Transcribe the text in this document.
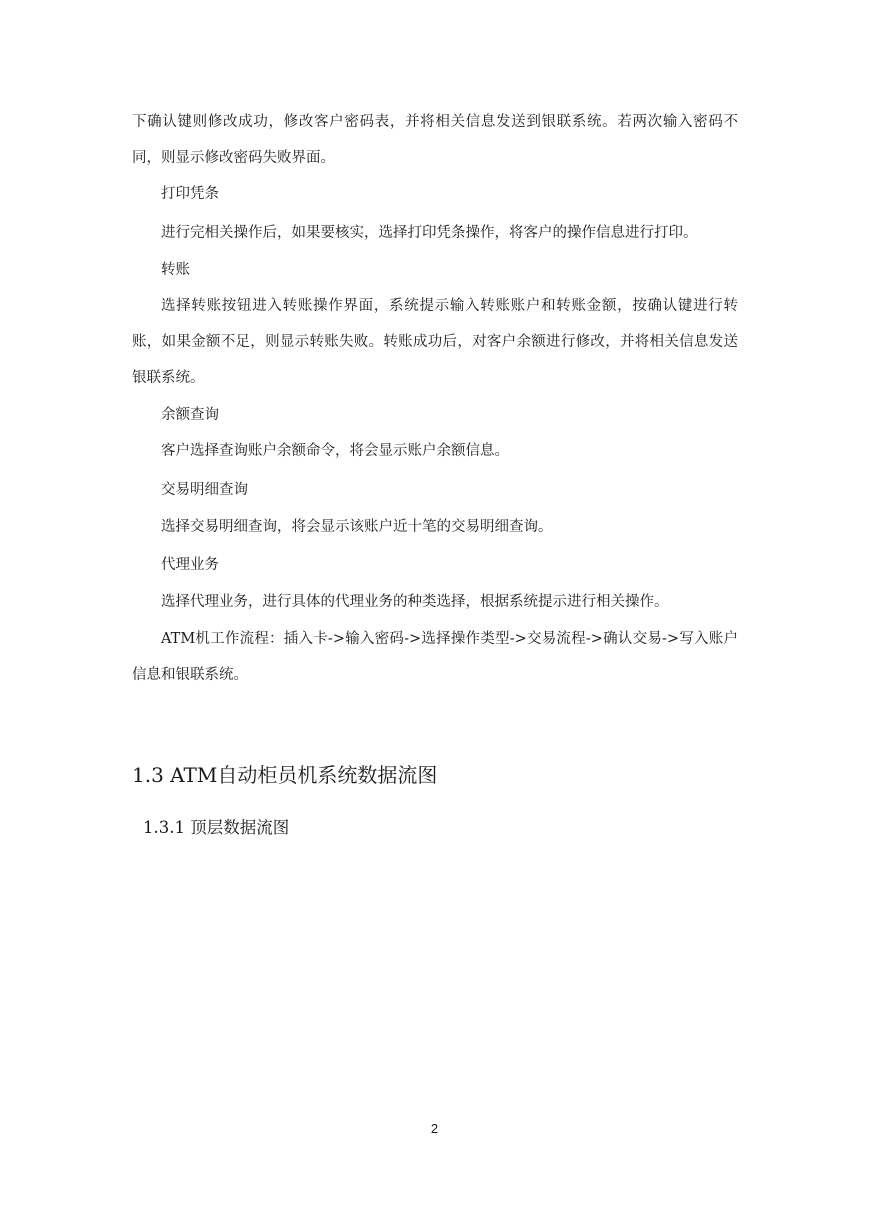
下确认键则修改成功，修改客户密码表，并将相关信息发送到银联系统。若两次输入密码不同，则显示修改密码失败界面。

打印凭条

进行完相关操作后，如果要核实，选择打印凭条操作，将客户的操作信息进行打印。

转账

选择转账按钮进入转账操作界面，系统提示输入转账账户和转账金额，按确认键进行转账，如果金额不足，则显示转账失败。转账成功后，对客户余额进行修改，并将相关信息发送银联系统。

余额查询

客户选择查询账户余额命令，将会显示账户余额信息。

交易明细查询

选择交易明细查询，将会显示该账户近十笔的交易明细查询。

代理业务

选择代理业务，进行具体的代理业务的种类选择，根据系统提示进行相关操作。

ATM机工作流程：插入卡->输入密码->选择操作类型->交易流程->确认交易->写入账户信息和银联系统。

1.3 ATM自动柜员机系统数据流图
1.3.1 顶层数据流图
2
